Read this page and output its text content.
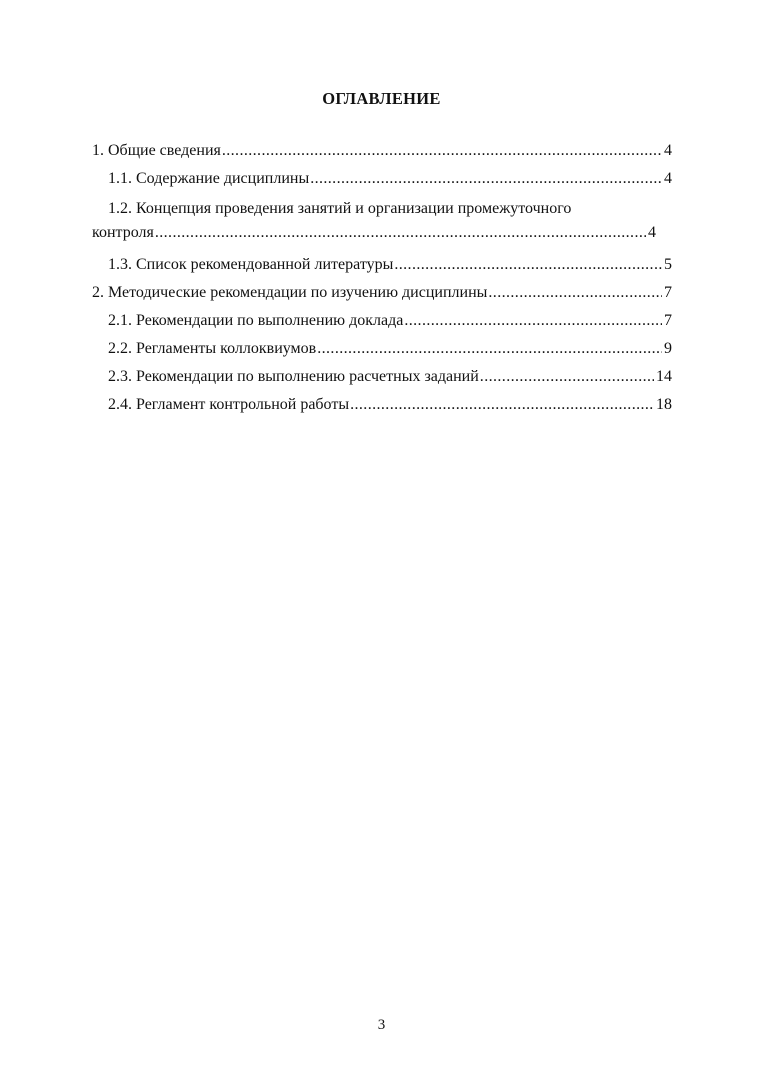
ОГЛАВЛЕНИЕ
1. Общие сведения .....	4
1.1. Содержание дисциплины .....	4
1.2. Концепция проведения занятий и организации промежуточного
контроля .....	4
1.3. Список рекомендованной литературы .....	5
2. Методические рекомендации по изучению дисциплины .....	7
2.1. Рекомендации по выполнению доклада .....	7
2.2. Регламенты коллоквиумов .....	9
2.3. Рекомендации по выполнению расчетных заданий .....	14
2.4. Регламент контрольной работы .....	18
3
